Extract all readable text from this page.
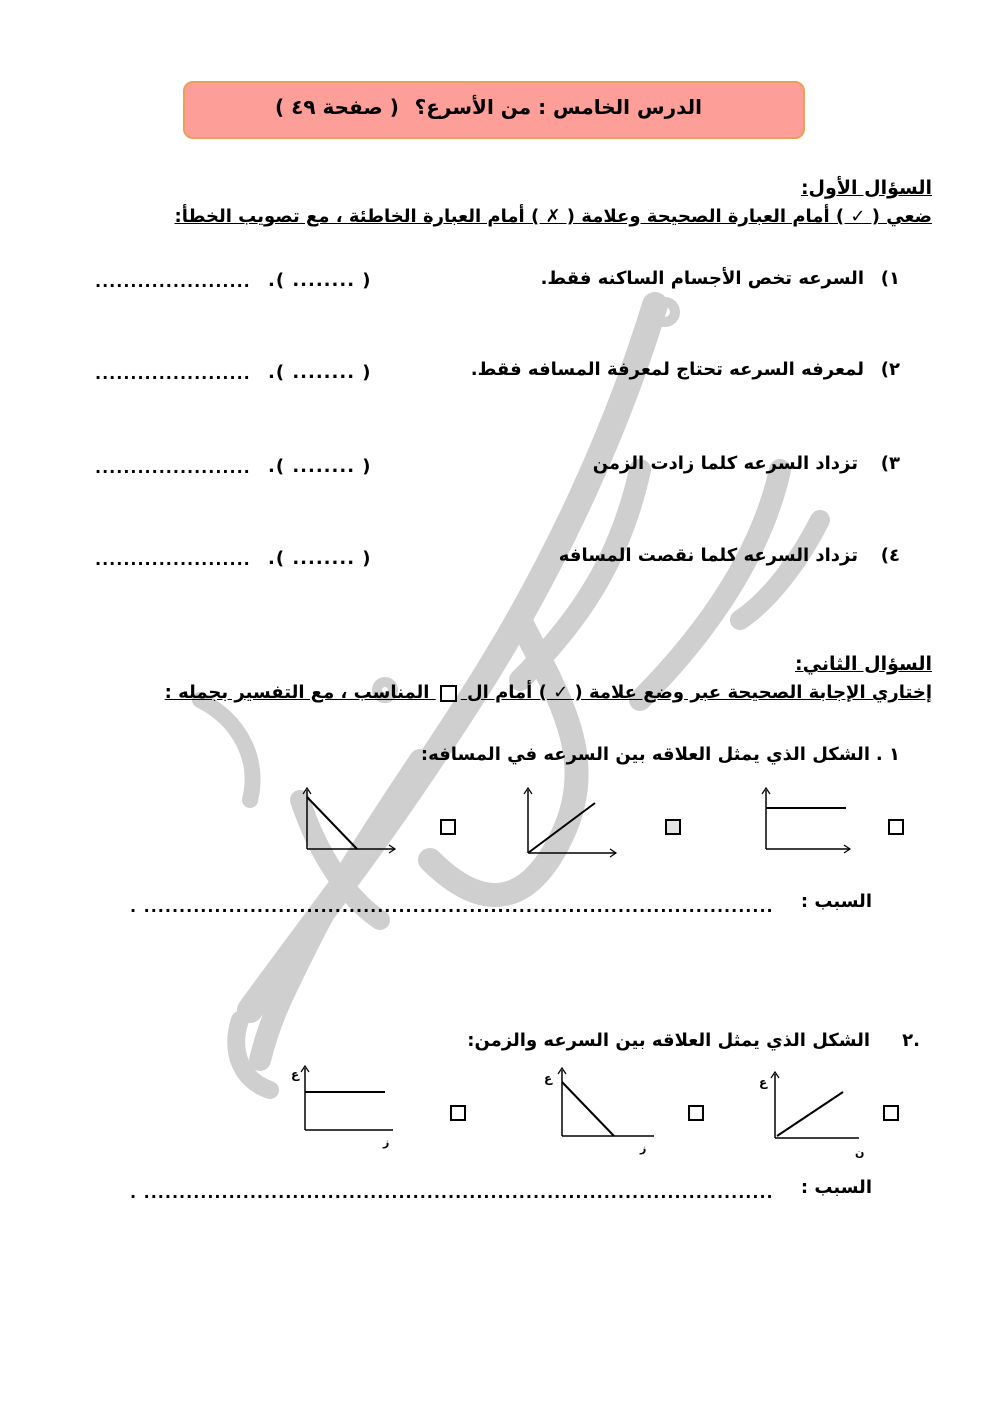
أ. مريم ناصر
الدرس الخامس : من الأسرع؟
( صفحة ٤٩ )
السؤال الأول:
ضعي ( ✓ ) أمام العبارة الصحيحة وعلامة ( ✗ ) أمام العبارة الخاطئة ، مع تصويب الخطأ:
١)
السرعه تخص الأجسام الساكنه فقط.
( ........ ).
......................
٢)
لمعرفه السرعه تحتاج لمعرفة المسافه فقط.
( ........ ).
......................
٣)
تزداد السرعه كلما زادت الزمن
( ........ ).
......................
٤)
تزداد السرعه كلما نقصت المسافه
( ........ ).
......................
السؤال الثاني:
إختاري الإجابة الصحيحة عبر وضع علامة ( ✓ ) أمام ال  المناسب ، مع التفسير بجمله :
١ .
الشكل الذي يمثل العلاقه بين السرعه في المسافه:
السبب :
. .........................................................................................
.٢
الشكل الذي يمثل العلاقه بين السرعه والزمن:
ع
ن
ع
ز
ع
ز
السبب :
. .........................................................................................
